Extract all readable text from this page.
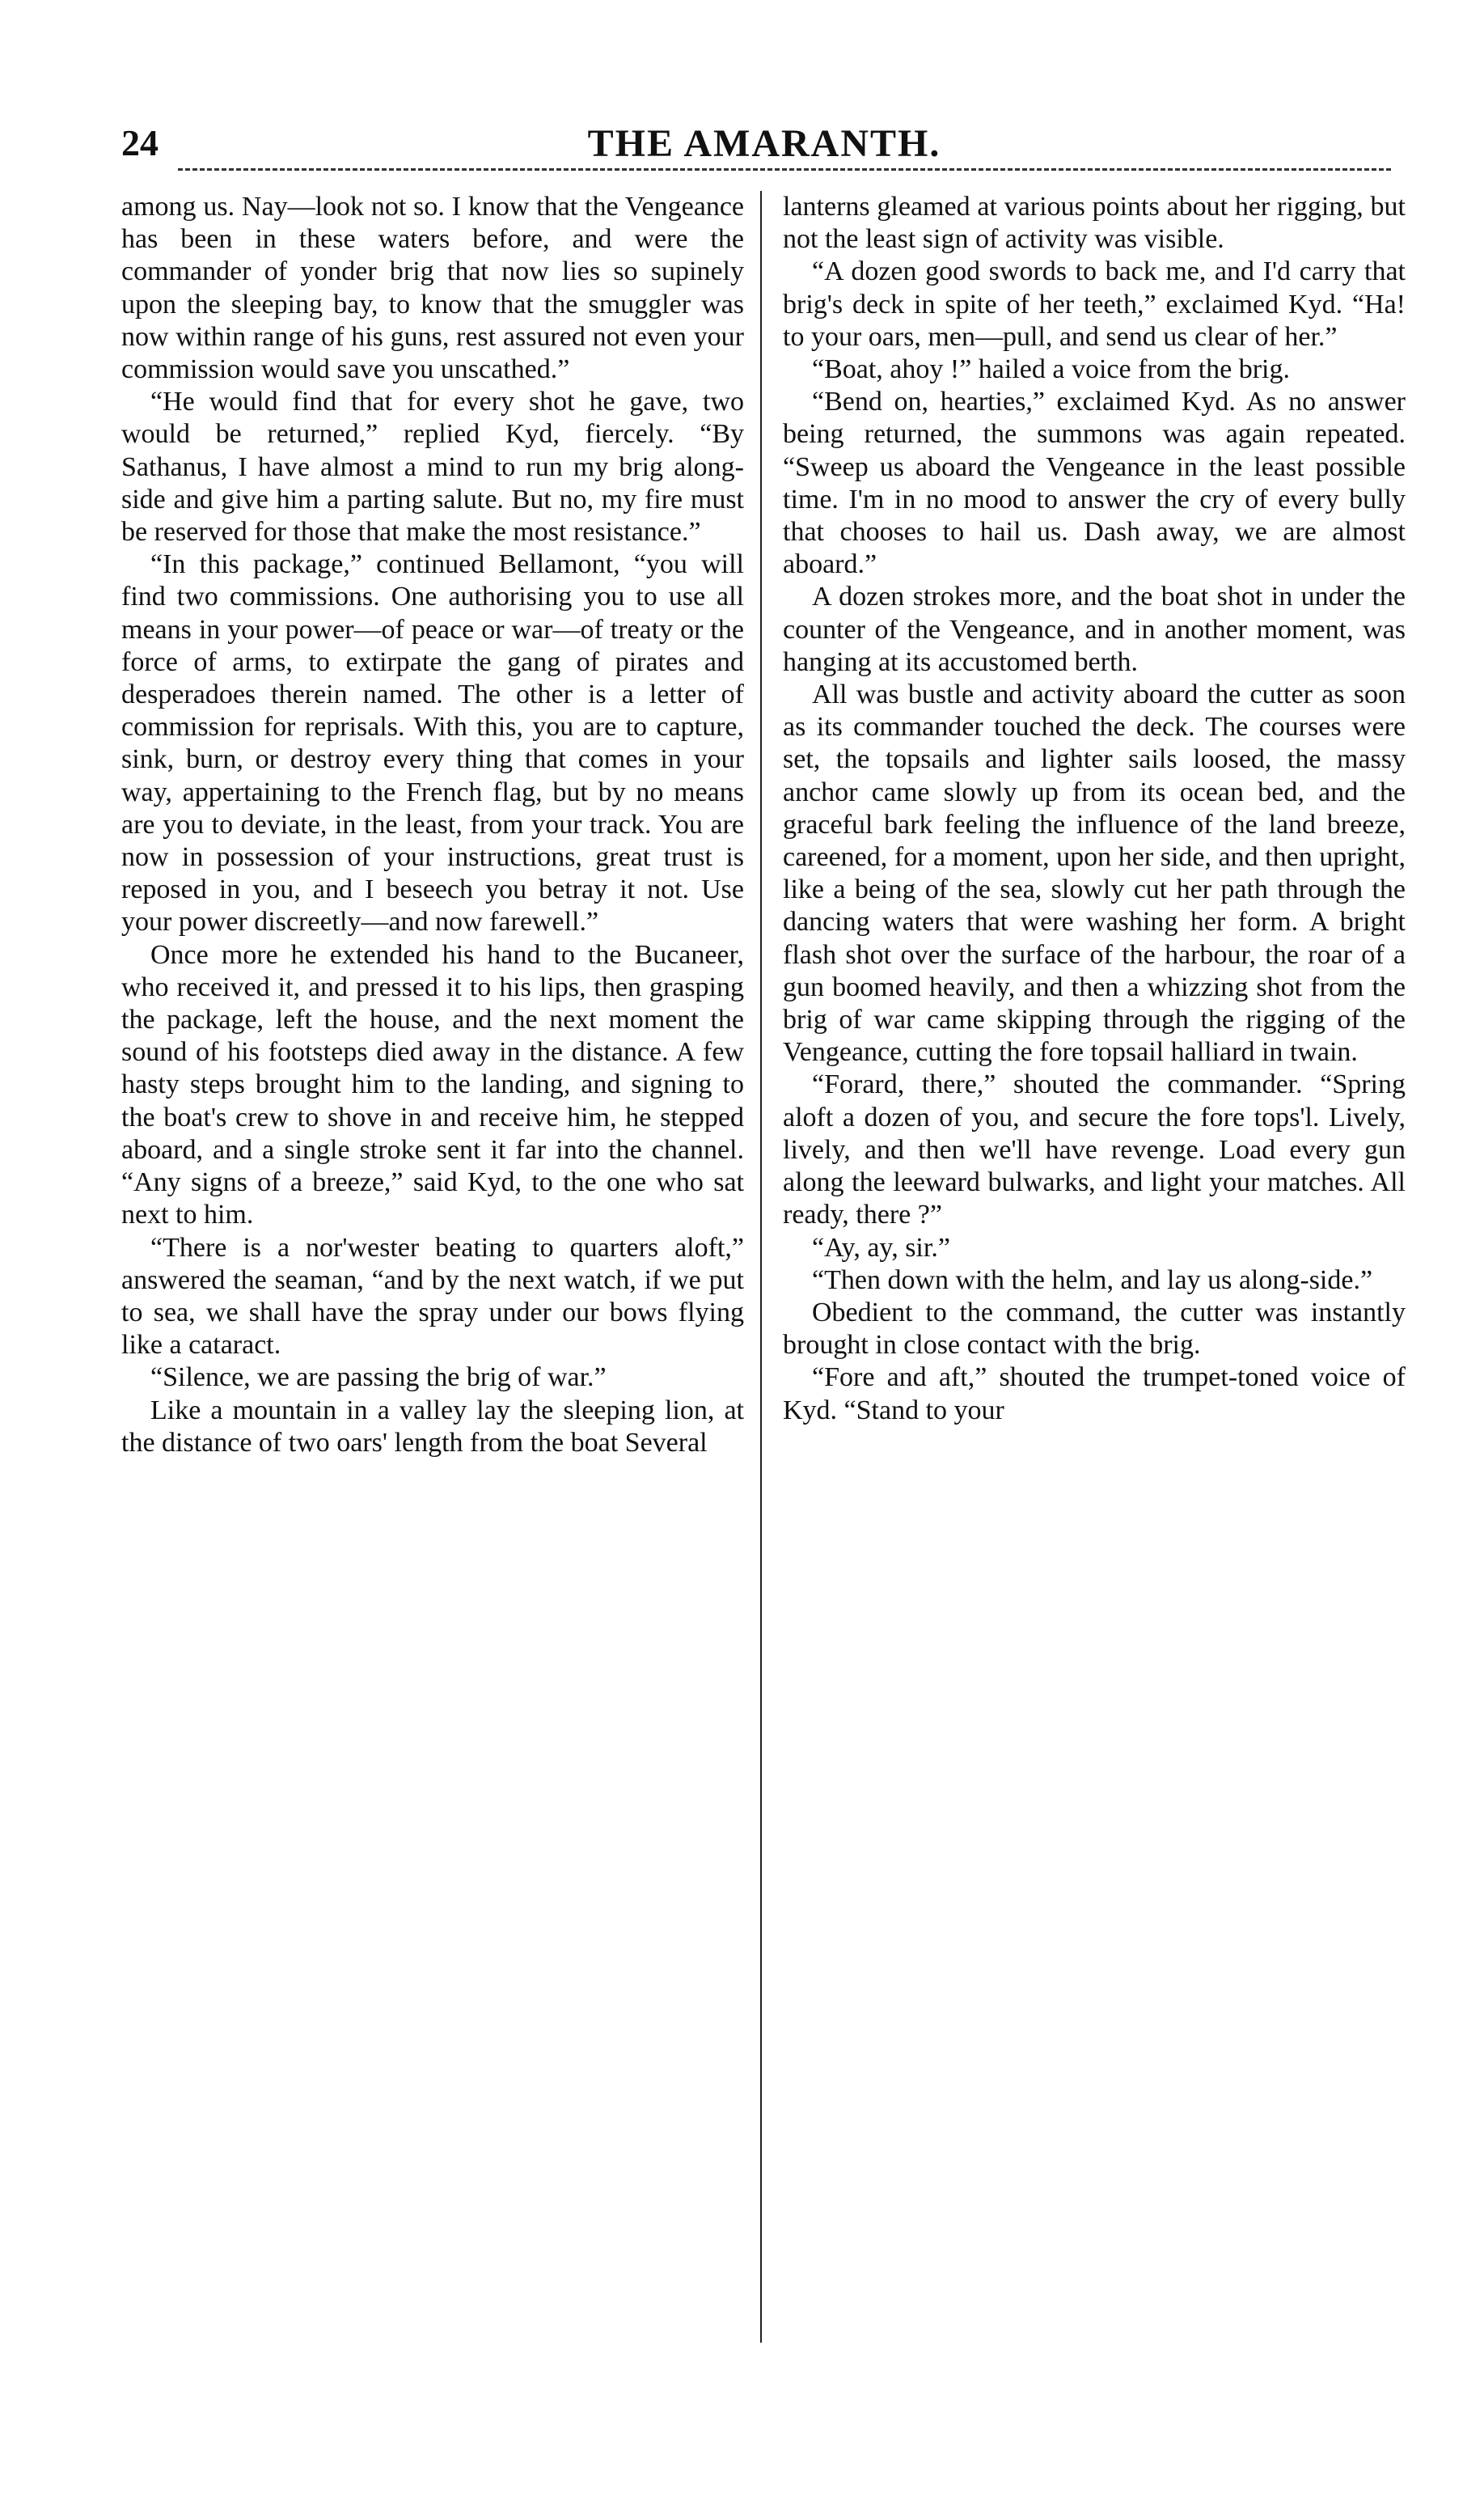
24	THE AMARANTH.

among us. Nay—look not so. I know that the Vengeance has been in these waters before, and were the commander of yonder brig that now lies so supinely upon the sleeping bay, to know that the smuggler was now within range of his guns, rest assured not even your commission would save you unscathed.”

“He would find that for every shot he gave, two would be returned,” replied Kyd, fiercely. “By Sathanus, I have almost a mind to run my brig along-side and give him a parting salute. But no, my fire must be reserved for those that make the most resistance.”

“In this package,” continued Bellamont, “you will find two commissions. One authorising you to use all means in your power—of peace or war—of treaty or the force of arms, to extirpate the gang of pirates and desperadoes therein named. The other is a letter of commission for reprisals. With this, you are to capture, sink, burn, or destroy every thing that comes in your way, appertaining to the French flag, but by no means are you to deviate, in the least, from your track. You are now in possession of your instructions, great trust is reposed in you, and I beseech you betray it not. Use your power discreetly—and now farewell.”

Once more he extended his hand to the Bucaneer, who received it, and pressed it to his lips, then grasping the package, left the house, and the next moment the sound of his footsteps died away in the distance. A few hasty steps brought him to the landing, and signing to the boat's crew to shove in and receive him, he stepped aboard, and a single stroke sent it far into the channel. “Any signs of a breeze,” said Kyd, to the one who sat next to him.

“There is a nor'wester beating to quarters aloft,” answered the seaman, “and by the next watch, if we put to sea, we shall have the spray under our bows flying like a cataract.

“Silence, we are passing the brig of war.”

Like a mountain in a valley lay the sleeping lion, at the distance of two oars' length from the boat Several

lanterns gleamed at various points about her rigging, but not the least sign of activity was visible.

“A dozen good swords to back me, and I'd carry that brig's deck in spite of her teeth,” exclaimed Kyd. “Ha! to your oars, men—pull, and send us clear of her.”

“Boat, ahoy !” hailed a voice from the brig.

“Bend on, hearties,” exclaimed Kyd. As no answer being returned, the summons was again repeated. “Sweep us aboard the Vengeance in the least possible time. I'm in no mood to answer the cry of every bully that chooses to hail us. Dash away, we are almost aboard.”

A dozen strokes more, and the boat shot in under the counter of the Vengeance, and in another moment, was hanging at its accustomed berth.

All was bustle and activity aboard the cutter as soon as its commander touched the deck. The courses were set, the topsails and lighter sails loosed, the massy anchor came slowly up from its ocean bed, and the graceful bark feeling the influence of the land breeze, careened, for a moment, upon her side, and then upright, like a being of the sea, slowly cut her path through the dancing waters that were washing her form. A bright flash shot over the surface of the harbour, the roar of a gun boomed heavily, and then a whizzing shot from the brig of war came skipping through the rigging of the Vengeance, cutting the fore topsail halliard in twain.

“Forard, there,” shouted the commander. “Spring aloft a dozen of you, and secure the fore tops'l. Lively, lively, and then we'll have revenge. Load every gun along the leeward bulwarks, and light your matches. All ready, there ?”

“Ay, ay, sir.”

“Then down with the helm, and lay us along-side.”

Obedient to the command, the cutter was instantly brought in close contact with the brig.

“Fore and aft,” shouted the trumpet-toned voice of Kyd. “Stand to your
